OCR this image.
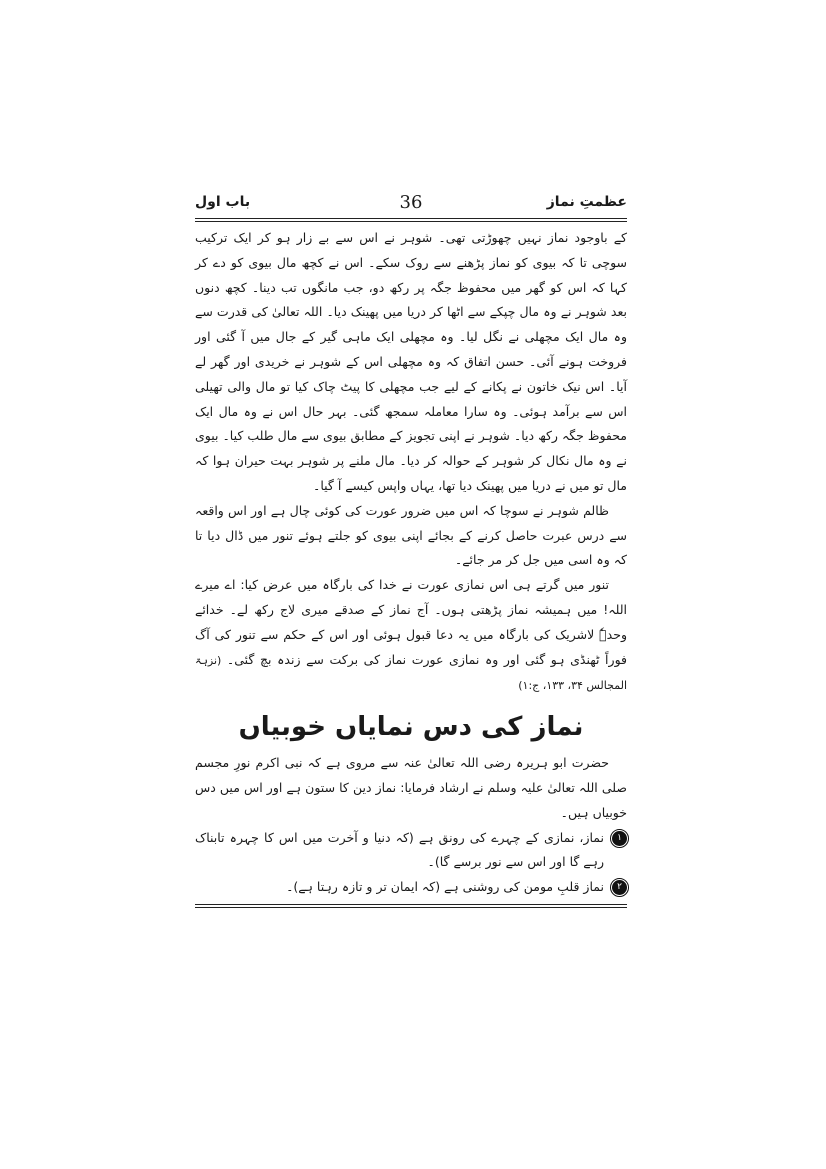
عظمتِ نماز
36
باب اول

کے باوجود نماز نہیں چھوڑتی تھی۔ شوہر نے اس سے بے زار ہو کر ایک ترکیب سوچی تا کہ بیوی کو نماز پڑھنے سے روک سکے۔ اس نے کچھ مال بیوی کو دے کر کہا کہ اس کو گھر میں محفوظ جگہ پر رکھ دو، جب مانگوں تب دینا۔ کچھ دنوں بعد شوہر نے وہ مال چپکے سے اٹھا کر دریا میں پھینک دیا۔ اللہ تعالیٰ کی قدرت سے وہ مال ایک مچھلی نے نگل لیا۔ وہ مچھلی ایک ماہی گیر کے جال میں آ گئی اور فروخت ہونے آئی۔ حسن اتفاق کہ وہ مچھلی اس کے شوہر نے خریدی اور گھر لے آیا۔ اس نیک خاتون نے پکانے کے لیے جب مچھلی کا پیٹ چاک کیا تو مال والی تھیلی اس سے برآمد ہوئی۔ وہ سارا معاملہ سمجھ گئی۔ بہر حال اس نے وہ مال ایک محفوظ جگہ رکھ دیا۔ شوہر نے اپنی تجویز کے مطابق بیوی سے مال طلب کیا۔ بیوی نے وہ مال نکال کر شوہر کے حوالہ کر دیا۔ مال ملنے پر شوہر بہت حیران ہوا کہ مال تو میں نے دریا میں پھینک دیا تھا، یہاں واپس کیسے آ گیا۔

ظالم شوہر نے سوچا کہ اس میں ضرور عورت کی کوئی چال ہے اور اس واقعہ سے درس عبرت حاصل کرنے کے بجائے اپنی بیوی کو جلتے ہوئے تنور میں ڈال دیا تا کہ وہ اسی میں جل کر مر جائے۔

تنور میں گرتے ہی اس نمازی عورت نے خدا کی بارگاہ میں عرض کیا: اے میرے اللہ! میں ہمیشہ نماز پڑھتی ہوں۔ آج نماز کے صدقے میری لاج رکھ لے۔ خدائے وحدہٗ لاشریک کی بارگاہ میں یہ دعا قبول ہوئی اور اس کے حکم سے تنور کی آگ فوراً ٹھنڈی ہو گئی اور وہ نمازی عورت نماز کی برکت سے زندہ بچ گئی۔ (نزہۃ المجالس ۳۴، ۱۳۳، ج:۱)

نماز کی دس نمایاں خوبیاں

حضرت ابو ہریرہ رضی اللہ تعالیٰ عنہ سے مروی ہے کہ نبی اکرم نورِ مجسم صلی اللہ تعالیٰ علیہ وسلم نے ارشاد فرمایا: نماز دین کا ستون ہے اور اس میں دس خوبیاں ہیں۔

١
نماز، نمازی کے چہرے کی رونق ہے (کہ دنیا و آخرت میں اس کا چہرہ تابناک رہے گا اور اس سے نور برسے گا)۔
٢
نماز قلبِ مومن کی روشنی ہے (کہ ایمان تر و تازہ رہتا ہے)۔
